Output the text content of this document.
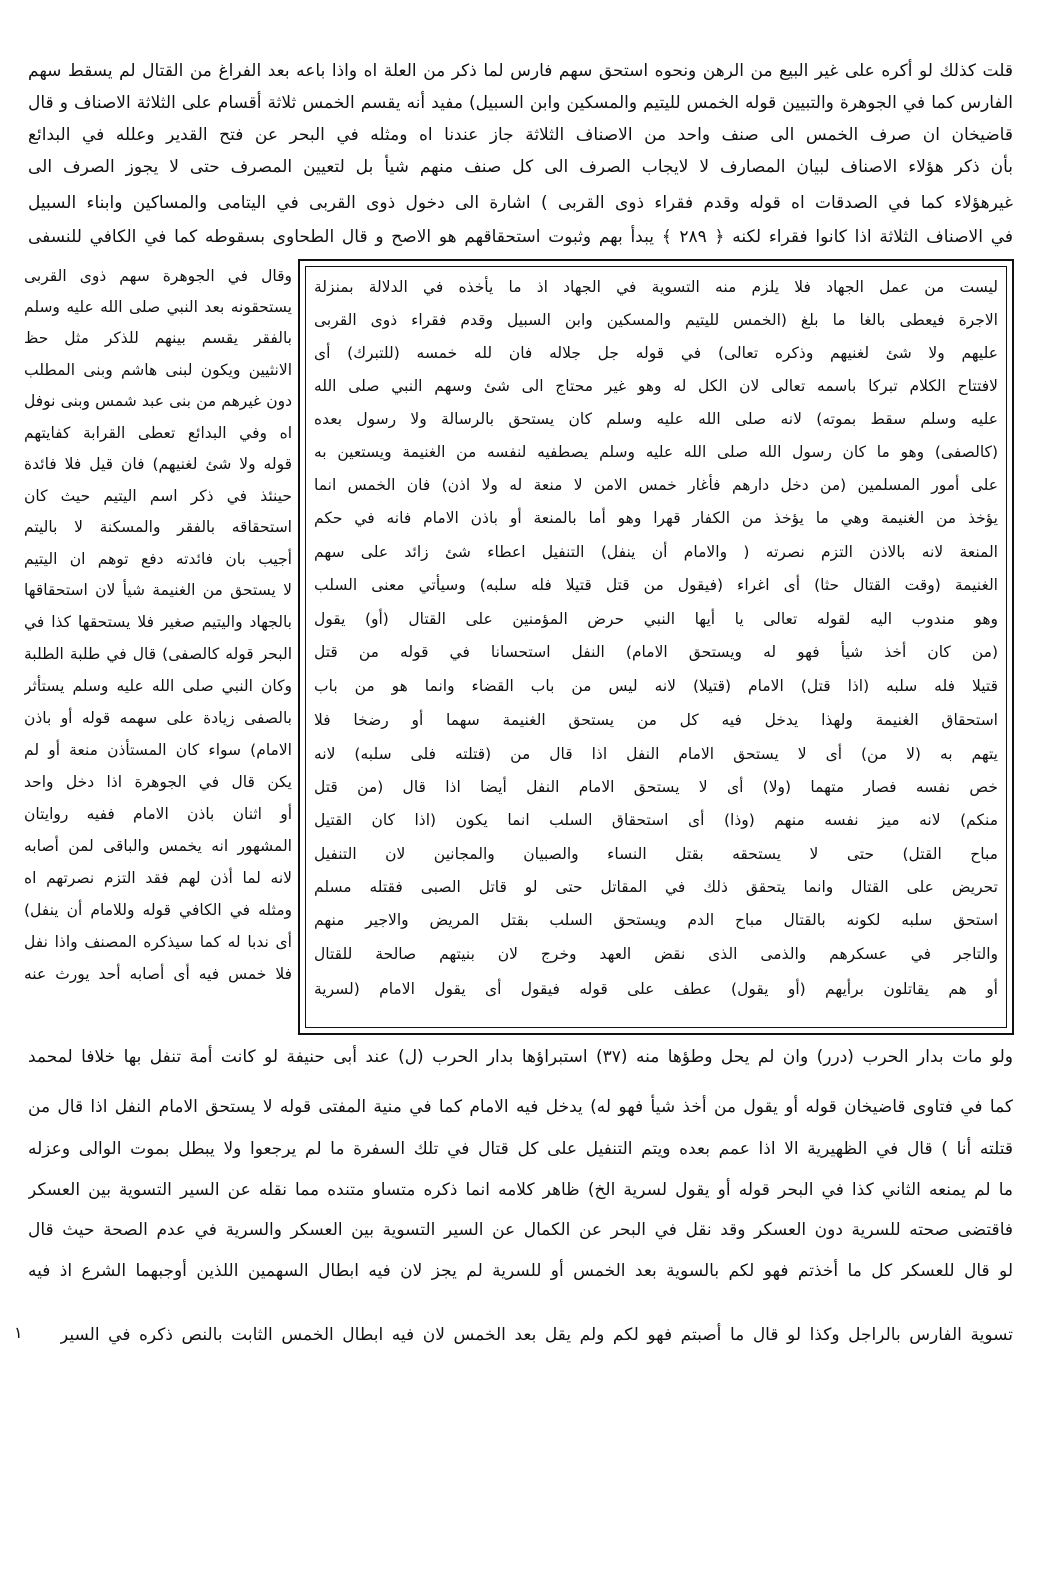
قلت كذلك لو أكره على غير البيع من الرهن ونحوه استحق سهم فارس لما ذكر من العلة اه واذا باعه بعد الفراغ من القتال لم يسقط سهم
الفارس كما في الجوهرة والتبيين قوله الخمس لليتيم والمسكين وابن السبيل) مفيد أنه يقسم الخمس ثلاثة أقسام على الثلاثة الاصناف و قال
قاضيخان ان صرف الخمس الى صنف واحد من الاصناف الثلاثة جاز عندنا اه ومثله في البحر عن فتح القدير وعلله في البدائع
بأن ذكر هؤلاء الاصناف لبيان المصارف لا لايجاب الصرف الى كل صنف منهم شيأ بل لتعيين المصرف حتى لا يجوز الصرف الى
غيرهؤلاء كما في الصدقات اه قوله وقدم فقراء ذوى القربى ) اشارة الى دخول ذوى القربى في اليتامى والمساكين وابناء السبيل
في الاصناف الثلاثة اذا كانوا فقراء لكنه ﴿ ٢٨٩ ﴾ يبدأ بهم وثبوت استحقاقهم هو الاصح و قال الطحاوى بسقوطه كما في الكافي للنسفى
ليست من عمل الجهاد فلا يلزم منه التسوية في الجهاد اذ ما يأخذه في الدلالة بمنزلة
الاجرة فيعطى بالغا ما بلغ (الخمس لليتيم والمسكين وابن السبيل وقدم فقراء ذوى القربى
عليهم ولا شئ لغنيهم وذكره تعالى) في قوله جل جلاله فان لله خمسه (للتبرك) أى
لافتتاح الكلام تبركا باسمه تعالى لان الكل له وهو غير محتاج الى شئ وسهم النبي صلى الله
عليه وسلم سقط بموته) لانه صلى الله عليه وسلم كان يستحق بالرسالة ولا رسول بعده
(كالصفى) وهو ما كان رسول الله صلى الله عليه وسلم يصطفيه لنفسه من الغنيمة ويستعين به
على أمور المسلمين (من دخل دارهم فأغار خمس الامن لا منعة له ولا اذن) فان الخمس انما
يؤخذ من الغنيمة وهي ما يؤخذ من الكفار قهرا وهو أما بالمنعة أو باذن الامام فانه في حكم
المنعة لانه بالاذن التزم نصرته ( والامام أن ينفل) التنفيل اعطاء شئ زائد على سهم
الغنيمة (وقت القتال حثا) أى اغراء (فيقول من قتل قتيلا فله سلبه) وسيأتي معنى السلب
وهو مندوب اليه لقوله تعالى يا أيها النبي حرض المؤمنين على القتال (أو) يقول
(من كان أخذ شيأ فهو له ويستحق الامام) النفل استحسانا في قوله من قتل
قتيلا فله سلبه (اذا قتل) الامام (قتيلا) لانه ليس من باب القضاء وانما هو من باب
استحقاق الغنيمة ولهذا يدخل فيه كل من يستحق الغنيمة سهما أو رضخا فلا
يتهم به (لا من) أى لا يستحق الامام النفل اذا قال من (قتلته فلى سلبه) لانه
خص نفسه فصار متهما (ولا) أى لا يستحق الامام النفل أيضا اذا قال (من قتل
منكم) لانه ميز نفسه منهم (وذا) أى استحقاق السلب انما يكون (اذا كان القتيل
مباح القتل) حتى لا يستحقه بقتل النساء والصبيان والمجانين لان التنفيل
تحريض على القتال وانما يتحقق ذلك في المقاتل حتى لو قاتل الصبى فقتله مسلم
استحق سلبه لكونه بالقتال مباح الدم ويستحق السلب بقتل المريض والاجير منهم
والتاجر في عسكرهم والذمى الذى نقض العهد وخرج لان بنيتهم صالحة للقتال
أو هم يقاتلون برأيهم (أو يقول) عطف على قوله فيقول أى يقول الامام (لسرية
وقال في الجوهرة سهم ذوى القربى
يستحقونه بعد النبي صلى الله عليه وسلم
بالفقر يقسم بينهم للذكر مثل حظ
الانثيين ويكون لبنى هاشم وبنى المطلب
دون غيرهم من بنى عبد شمس وبنى نوفل
اه وفي البدائع تعطى القرابة كفايتهم
قوله ولا شئ لغنيهم) فان قيل فلا فائدة
حينئذ في ذكر اسم اليتيم حيث كان
استحقاقه بالفقر والمسكنة لا باليتم
أجيب بان فائدته دفع توهم ان اليتيم
لا يستحق من الغنيمة شيأ لان استحقاقها
بالجهاد واليتيم صغير فلا يستحقها كذا في
البحر قوله كالصفى) قال في طلبة الطلبة
وكان النبي صلى الله عليه وسلم يستأثر
بالصفى زيادة على سهمه قوله أو باذن
الامام) سواء كان المستأذن منعة أو لم
يكن قال في الجوهرة اذا دخل واحد
أو اثنان باذن الامام ففيه روايتان
المشهور انه يخمس والباقى لمن أصابه
لانه لما أذن لهم فقد التزم نصرتهم اه
ومثله في الكافي قوله وللامام أن ينفل)
أى ندبا له كما سيذكره المصنف واذا نفل
فلا خمس فيه أى أصابه أحد يورث عنه
ولو مات بدار الحرب (درر) وان لم يحل وطؤها منه (٣٧) استبراؤها بدار الحرب (ل) عند أبى حنيفة لو كانت أمة تنفل بها خلافا لمحمد
كما في فتاوى قاضيخان قوله أو يقول من أخذ شيأ فهو له) يدخل فيه الامام كما في منية المفتى قوله لا يستحق الامام النفل اذا قال من
قتلته أنا ) قال في الظهيرية الا اذا عمم بعده ويتم التنفيل على كل قتال في تلك السفرة ما لم يرجعوا ولا يبطل بموت الوالى وعزله
ما لم يمنعه الثاني كذا في البحر قوله أو يقول لسرية الخ) ظاهر كلامه انما ذكره متساو متنده مما نقله عن السير التسوية بين العسكر
فاقتضى صحته للسرية دون العسكر وقد نقل في البحر عن الكمال عن السير التسوية بين العسكر والسرية في عدم الصحة حيث قال
لو قال للعسكر كل ما أخذتم فهو لكم بالسوية بعد الخمس أو للسرية لم يجز لان فيه ابطال السهمين اللذين أوجبهما الشرع اذ فيه
تسوية الفارس بالراجل وكذا لو قال ما أصبتم فهو لكم ولم يقل بعد الخمس لان فيه ابطال الخمس الثابت بالنص ذكره في السير
١
